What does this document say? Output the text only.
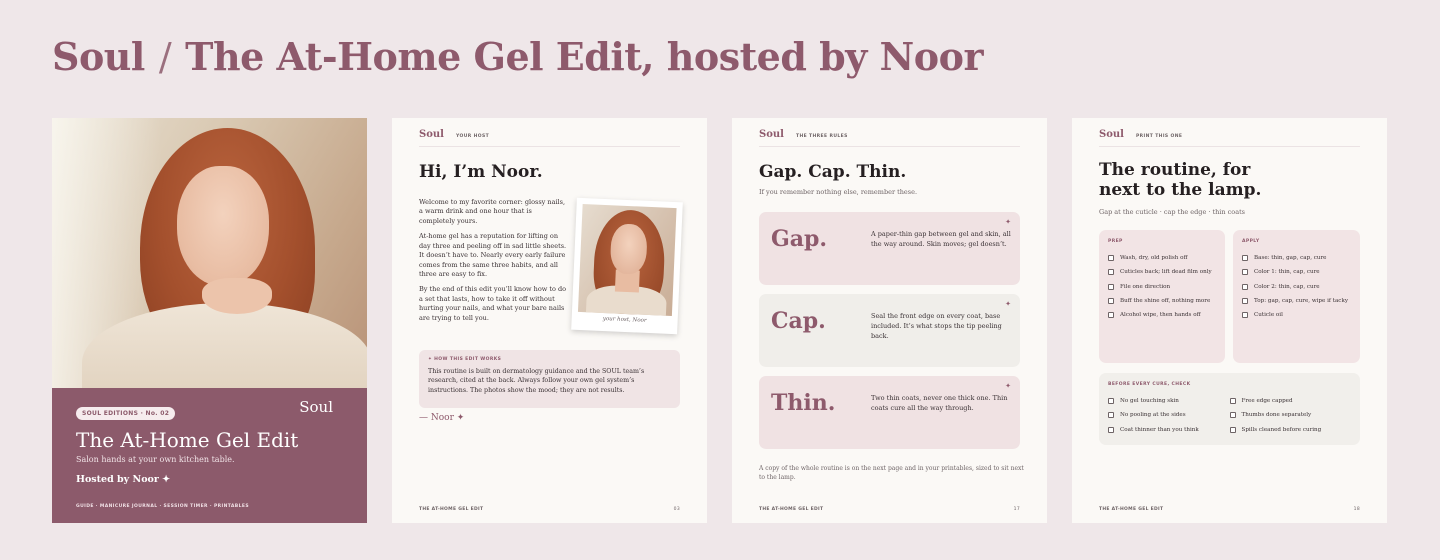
Soul / The At-Home Gel Edit, hosted by Noor
SOUL EDITIONS · No. 02	Soul
The At-Home Gel Edit
Salon hands at your own kitchen table.
Hosted by Noor ✦
GUIDE · MANICURE JOURNAL · SESSION TIMER · PRINTABLES
Soul	YOUR HOST
Hi, I’m Noor.

Welcome to my favorite corner: glossy nails, a warm drink and one hour that is completely yours.

At-home gel has a reputation for lifting on day three and peeling off in sad little sheets. It doesn’t have to. Nearly every early failure comes from the same three habits, and all three are easy to fix.

By the end of this edit you’ll know how to do a set that lasts, how to take it off without hurting your nails, and what your bare nails are trying to tell you.	your host, Noor
✦ HOW THIS EDIT WORKS
This routine is built on dermatology guidance and the SOUL team’s research, cited at the back. Always follow your own gel system’s instructions. The photos show the mood; they are not results.
— Noor ✦
THE AT-HOME GEL EDIT	03
Soul	THE THREE RULES
Gap. Cap. Thin.
If you remember nothing else, remember these.
✦
Gap.	A paper-thin gap between gel and skin, all the way around. Skin moves; gel doesn’t.
✦
Cap.	Seal the front edge on every coat, base included. It’s what stops the tip peeling back.
✦
Thin.	Two thin coats, never one thick one. Thin coats cure all the way through.
A copy of the whole routine is on the next page and in your printables, sized to sit next to the lamp.
THE AT-HOME GEL EDIT	17
Soul	PRINT THIS ONE
The routine, for
next to the lamp.
Gap at the cuticle · cap the edge · thin coats
PREP
Wash, dry, old polish off
Cuticles back; lift dead film only
File one direction
Buff the shine off, nothing more
Alcohol wipe, then hands off
APPLY
Base: thin, gap, cap, cure
Color 1: thin, cap, cure
Color 2: thin, cap, cure
Top: gap, cap, cure, wipe if tacky
Cuticle oil
BEFORE EVERY CURE, CHECK
No gel touching skin
No pooling at the sides
Coat thinner than you think
Free edge capped
Thumbs done separately
Spills cleaned before curing
THE AT-HOME GEL EDIT	18
